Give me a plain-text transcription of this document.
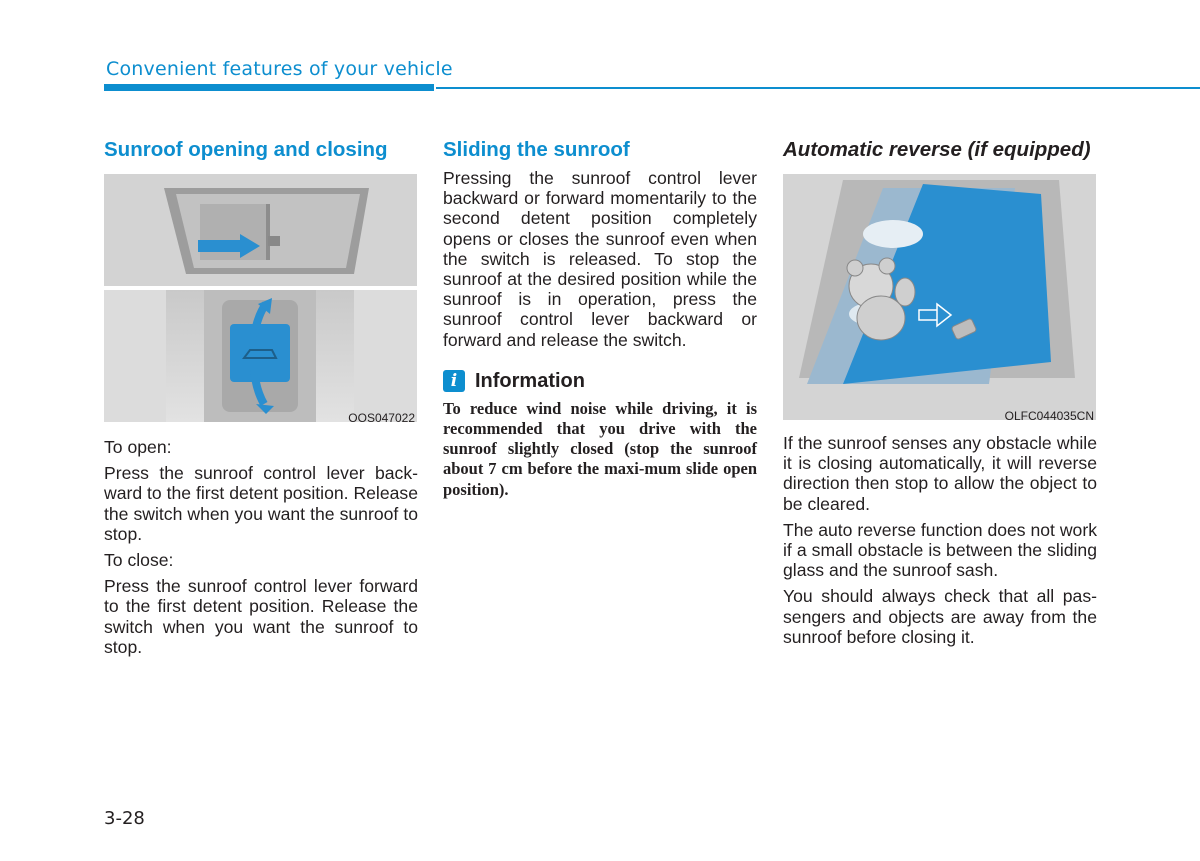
Convenient features of your vehicle
Sunroof opening and closing
OOS047022

To open:

Press the sunroof control lever back-ward to the first detent position. Release the switch when you want the sunroof to stop.

To close:

Press the sunroof control lever forward to the first detent position. Release the switch when you want the sunroof to stop.

Sliding the sunroof

Pressing the sunroof control lever backward or forward momentarily to the second detent position completely opens or closes the sunroof even when the switch is released. To stop the sunroof at the desired position while the sunroof is in operation, press the sunroof control lever backward or forward and release the switch.

i Information

To reduce wind noise while driving, it is recommended that you drive with the sunroof slightly closed (stop the sunroof about 7 cm before the maxi-mum slide open position).

Automatic reverse (if equipped)
OLFC044035CN

If the sunroof senses any obstacle while it is closing automatically, it will reverse direction then stop to allow the object to be cleared.

The auto reverse function does not work if a small obstacle is between the sliding glass and the sunroof sash.

You should always check that all pas-sengers and objects are away from the sunroof before closing it.

3-28
